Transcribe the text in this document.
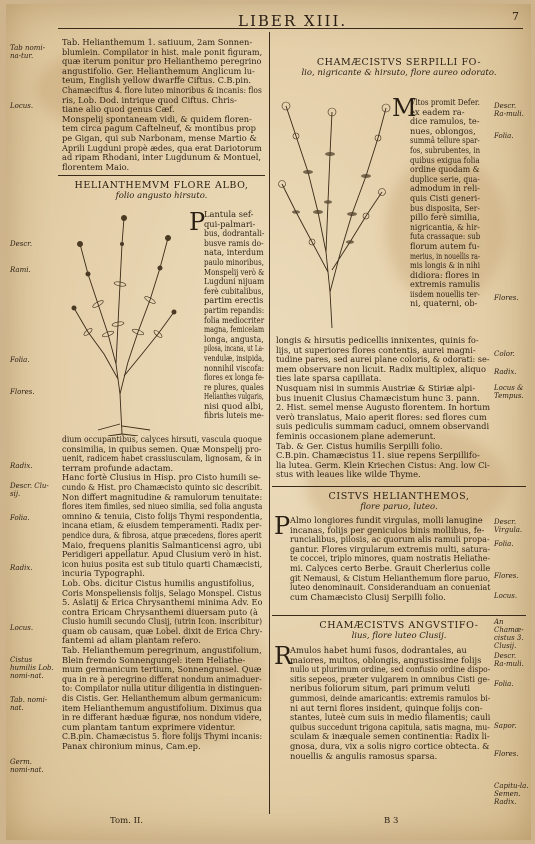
LIBER XIII.	7

Tab. Helianthemum 1. satiuum, 2am Sonnen-

blumlein. Compilator in hist. male ponit figuram,

quæ iterum ponitur pro Helianthemo peregrino

angustifolio. Ger. Helianthemum Anglicum lu-

teum, English yellow dwarffe Ciftus. C.B.pin.

Chamæciftus 4. flore luteo minoribus & incanis: flos

ris, Lob. Dod. intrique quod Ciftus. Chris-

tiane alio quod genus Cæf.

Monspelij spontaneam vidi, & quidem floren-

tem circa pagum Caftelneuf, & montibus prop

pe Gigan, qui sub Narbonam, mense Martio &

Aprili Lugduni propè ædes, qua erat Dariotorum

ad ripam Rhodani, inter Lugdunum & Montuel,

florentem Maio.

HELIANTHEMVM FLORE ALBO,
folio angusto hirsuto.
P

Lantula sef-

qui-palmari-

bus, dodrantali-

busve ramis do-

nata, interdum

paulo minoribus,

Monspelij verò &

Lugduni nijuam

ferè cubitalibus,

partim erectis

partim repandis:

folia mediocriter

magna, femicelam

longa, angusta,

pilosa, incana, ut La-

vendulæ, insipida,

nonnihil viscofa:

flores ex longa fe-

re plures, quales

Helianthes vulgaris,

nisi quod albi,

fibris luteis me-

dium occupantibus, calyces hirsuti, vascula quoque

consimilia, in quibus semen. Quæ Monspelij pro-

uenit, radicem habet crassiusculam, lignosam, & in

terram profunde adactam.

Hanc fortè Clusius in Hisp. pro Cisto humili se-

cundo & Hist. pro Chamæcisto quinto sic describit.

Non differt magnitudine & ramulorum tenuitate:

flores item fimiles, sed niueo similia, sed folia angusta

omnino & tenuia, Cisto folijs Thymi respondentia,

incana etiam, & eiusdem temperamenti. Radix per-

pendice dura, & fibrosa, atque præcedens, flores aperit

Maio, frequens planitis Salmanticensi agro, ubi

Peridigeri appellatur. Apud Clusium verò in hist.

icon huius posita est sub titulo quarti Chamæcisti,

incuria Typographi.

Lob. Obs. dicitur Cistus humilis angustifolius,

Coris Monspeliensis folijs, Selago Monspel. Cistus

5. Aslatij & Erica Chrysanthemi minima Adv. Eo

contra Ericam Chrysanthemi diuersam puto (à

Clusio humili secundo Clusij, (utrin Icon. inscribitur)

quam ob causam, quæ Lobel. dixit de Erica Chry-

fantemi ad aliam plantam refero.

Tab. Helianthemum peregrinum, angustifolium,

Blein fremdo Sonnengungel: item Heliathe-

mum germanicum tertium, Sonnengunsel. Quæ

qua in re à peregrino differat nondum animaduer-

to: Compilator nulla utitur diligentia in distinguen-

dis Cistis. Ger. Helianthemum album germanicum:

item Helianthemum angustifolium. Diximus qua

in re differant hæduæ figuræ, nos nondum videre,

cum plantam tantum exprimere videntur.

C.B.pin. Chamæcistus 5. flore folijs Thymi incanis:

Panax chironium minus, Cam.ep.

CHAMÆCISTVS SERPILLI FO-
lio, nigricante & hirsuto, flore aureo odorato.
M

Vltos promit Defer.

ex eadem ra-

dice ramulos, te-

nues, oblongos,

summâ tellure spar-

fos, subrubentes, in

quibus exigua folia

ordine quodam &

duplice serie, qua-

admodum in reli-

quis Cisti generi-

bus disposita, Ser-

pillo ferè similia,

nigricantia, & hir-

futa crassaque: sub

florum autem fu-

merius, in nouellis ra-

mis longis & in nihi

didiora: flores in

extremis ramulis

iisdem nouellis ter-

ni, quaterni, ob-

longis & hirsutis pedicellis innixentes, quinis fo-

lijs, ut superiores flores contentis, aurei magni-

tudine pares, sed aurei plane coloris, & odorati: se-

mem observare non licuit. Radix multiplex, aliquo

ties late sparsa capillata.

Nusquam nisi in summis Austriæ & Stiriæ alpi-

bus inuenit Clusius Chamæcistum hunc 3. pann.

2. Hist. semel mense Augusto florentem. In hortum

verò translatus, Maio aperit flores: sed flores cum

suis pediculis summam caduci, omnem observandi

feminis occasionem plane ademerunt.

Tab. & Ger. Cistus humilis Serpilli folio.

C.B.pin. Chamæcistus 11. siue repens Serpillifo-

lia lutea. Germ. Klein Kriechen Cistus: Ang. low Ci-

stus with leaues like wilde Thyme.

CISTVS HELIANTHEMOS,
flore paruo, luteo.
P Almo longiores fundit virgulas, molli lanugine

incanas, folijs per geniculos binis mollibus, fe-

runcialibus, pilosis, ac quorum alis ramuli propa-

gantur. Flores virgularum extremis multi, satura-

te coccei, triplo minores, quam nostratis Heliathe-

mi. Calyces certo Berbe. Grauit Cherlerius colle

git Nemausi, & Cistum Helianthemum flore paruo,

luteo denominauit. Consideranduam an conueniat

cum Chamæcisto Clusij Serpilli folio.

CHAMÆCISTVS ANGVSTIFO-
lius, flore luteo Clusij.
R

Amulos habet humi fusos, dodrantales, au

maiores, multos, oblongis, angustissime folijs

nullo ut plurimum ordine, sed confusio ordine dispo-

sitis sepeos, præter vulgarem in omnibus Cisti ge-

neribus foliorum situm, pari primum veluti

gummosi, deinde amaricantis: extremis ramulos bi-

ni aut terni flores insident, quinque folijs con-

stantes, luteè cum suis in medio filamentis; cauli

quibus succedunt trigona capitula, satis magna, mu-

sculam & inæquale semen continentia: Radix li-

gnosa, dura, vix a solis nigro cortice obtecta. &

nouellis & angulis ramosus sparsa.

Tab nomi-na-tur.
Locus.
Descr.
Rami.
Folia.
Flores.
Radix.
Descr. Clu-sij.
Folia.
Radix.
Locus.
Cistus humilis Lob. nomi-nat.
Tab. nomi-nat.
Germ. nomi-nat.
Descr. Ra-muli.
Folia.
Flores.
Color.
Radix.
Locus & Tempus.
Descr. Virgula.
Folia.
Flores.
Locus.
An Chamæ-cistus 3. Clusij.
Descr. Ra-muli.
Folia.
Sapor.
Flores.
Capitu-la. Semen. Radix.
Tom. II.	B 3
